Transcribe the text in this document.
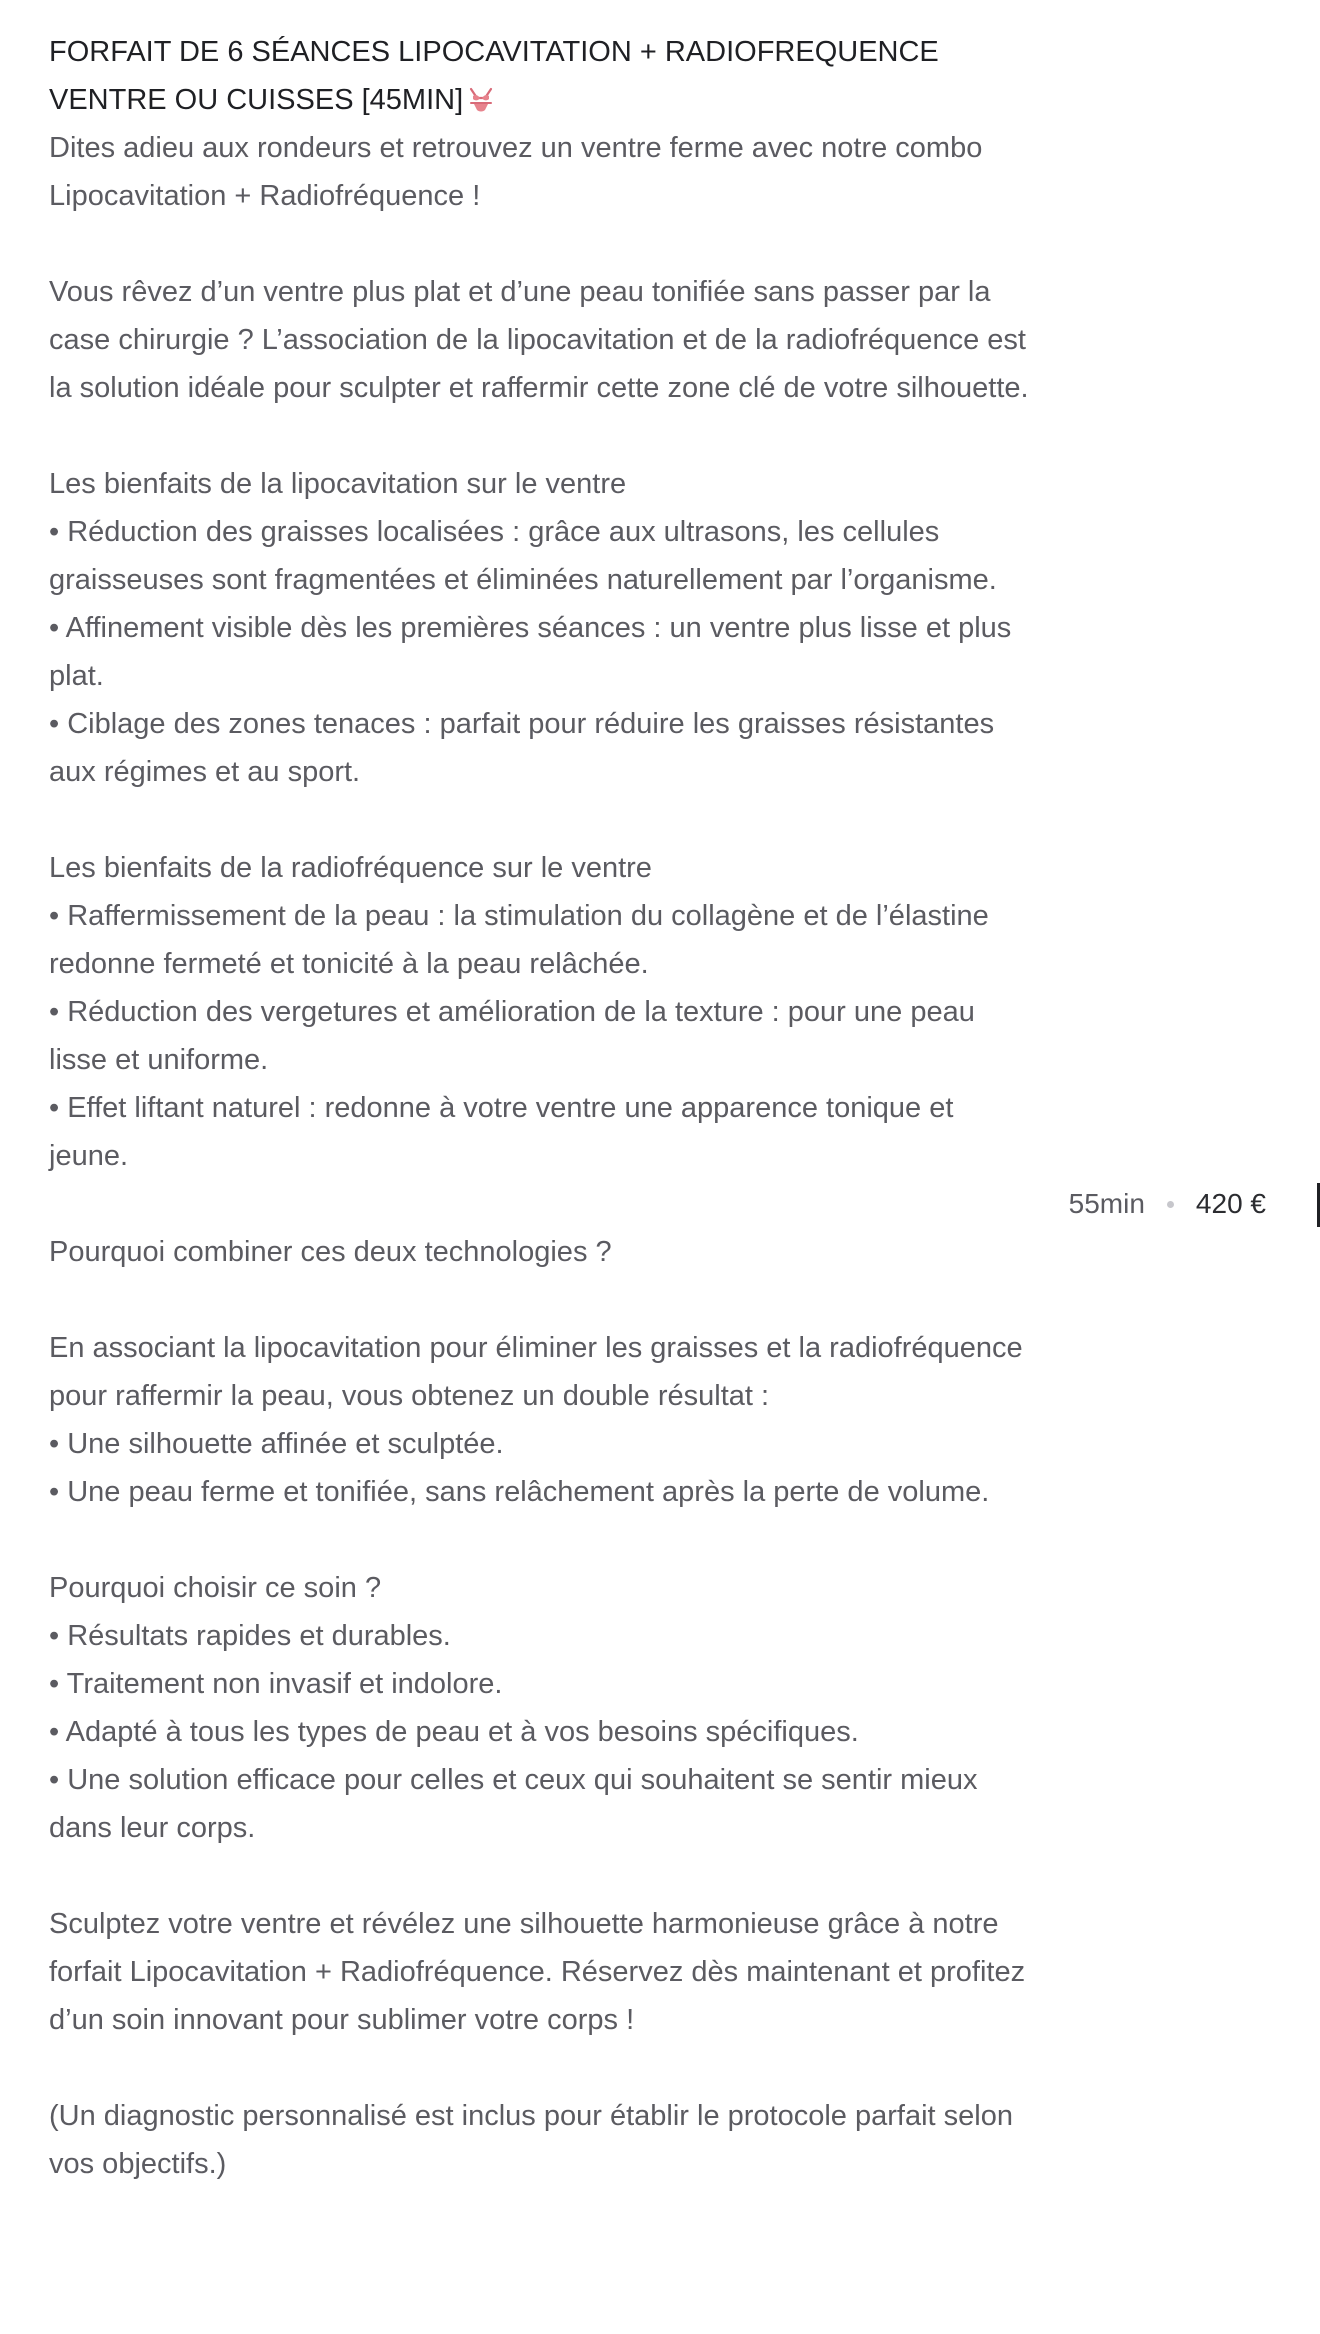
FORFAIT DE 6 SÉANCES LIPOCAVITATION + RADIOFREQUENCE VENTRE OU CUISSES [45MIN]

Dites adieu aux rondeurs et retrouvez un ventre ferme avec notre combo Lipocavitation + Radiofréquence !

Vous rêvez d’un ventre plus plat et d’une peau tonifiée sans passer par la case chirurgie ? L’association de la lipocavitation et de la radiofréquence est la solution idéale pour sculpter et raffermir cette zone clé de votre silhouette.

Les bienfaits de la lipocavitation sur le ventre

• Réduction des graisses localisées : grâce aux ultrasons, les cellules graisseuses sont fragmentées et éliminées naturellement par l’organisme.

• Affinement visible dès les premières séances : un ventre plus lisse et plus plat.

• Ciblage des zones tenaces : parfait pour réduire les graisses résistantes aux régimes et au sport.

Les bienfaits de la radiofréquence sur le ventre

• Raffermissement de la peau : la stimulation du collagène et de l’élastine redonne fermeté et tonicité à la peau relâchée.

• Réduction des vergetures et amélioration de la texture : pour une peau lisse et uniforme.

• Effet liftant naturel : redonne à votre ventre une apparence tonique et jeune.

Pourquoi combiner ces deux technologies ?

En associant la lipocavitation pour éliminer les graisses et la radiofréquence pour raffermir la peau, vous obtenez un double résultat :

• Une silhouette affinée et sculptée.

• Une peau ferme et tonifiée, sans relâchement après la perte de volume.

Pourquoi choisir ce soin ?

• Résultats rapides et durables.

• Traitement non invasif et indolore.

• Adapté à tous les types de peau et à vos besoins spécifiques.

• Une solution efficace pour celles et ceux qui souhaitent se sentir mieux dans leur corps.

Sculptez votre ventre et révélez une silhouette harmonieuse grâce à notre forfait Lipocavitation + Radiofréquence. Réservez dès maintenant et profitez d’un soin innovant pour sublimer votre corps !

(Un diagnostic personnalisé est inclus pour établir le protocole parfait selon vos objectifs.)

55min 420 €
